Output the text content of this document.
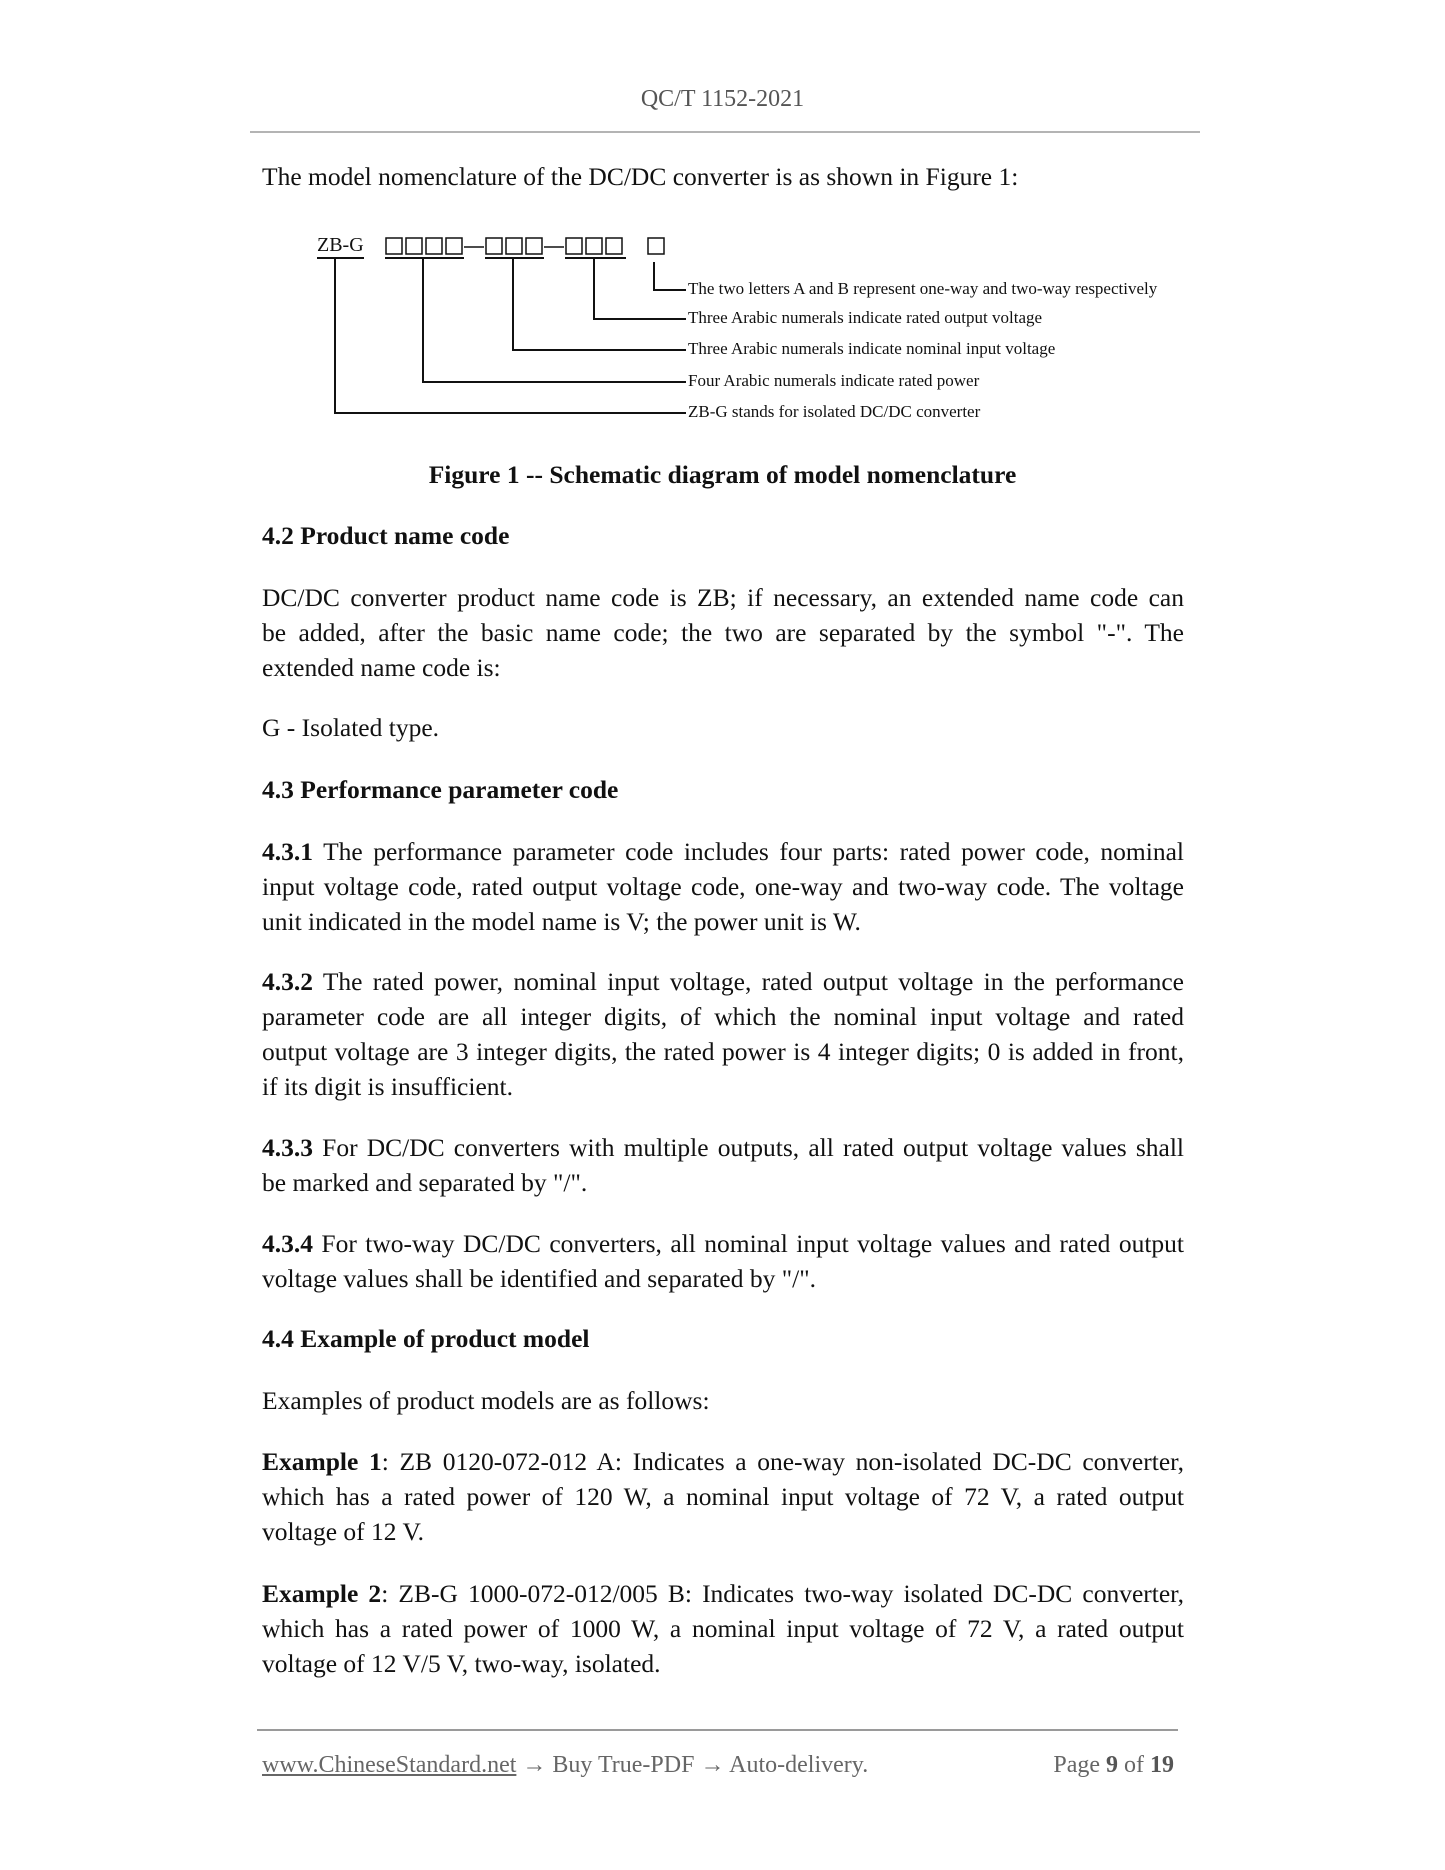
QC/T 1152-2021
The model nomenclature of the DC/DC converter is as shown in Figure 1:
ZB-G
The two letters A and B represent one-way and two-way respectively
Three Arabic numerals indicate rated output voltage
Three Arabic numerals indicate nominal input voltage
Four Arabic numerals indicate rated power
ZB-G stands for isolated DC/DC converter
Figure 1 -- Schematic diagram of model nomenclature
4.2 Product name code
DC/DC converter product name code is ZB; if necessary, an extended name code can
be added, after the basic name code; the two are separated by the symbol "-". The
extended name code is:
G - Isolated type.
4.3 Performance parameter code
4.3.1 The performance parameter code includes four parts: rated power code, nominal
input voltage code, rated output voltage code, one-way and two-way code. The voltage
unit indicated in the model name is V; the power unit is W.
4.3.2 The rated power, nominal input voltage, rated output voltage in the performance
parameter code are all integer digits, of which the nominal input voltage and rated
output voltage are 3 integer digits, the rated power is 4 integer digits; 0 is added in front,
if its digit is insufficient.
4.3.3 For DC/DC converters with multiple outputs, all rated output voltage values shall
be marked and separated by "/".
4.3.4 For two-way DC/DC converters, all nominal input voltage values and rated output
voltage values shall be identified and separated by "/".
4.4 Example of product model
Examples of product models are as follows:
Example 1: ZB 0120-072-012 A: Indicates a one-way non-isolated DC-DC converter,
which has a rated power of 120 W, a nominal input voltage of 72 V, a rated output
voltage of 12 V.
Example 2: ZB-G 1000-072-012/005 B: Indicates two-way isolated DC-DC converter,
which has a rated power of 1000 W, a nominal input voltage of 72 V, a rated output
voltage of 12 V/5 V, two-way, isolated.
www.ChineseStandard.net → Buy True-PDF → Auto-delivery.	Page 9 of 19
